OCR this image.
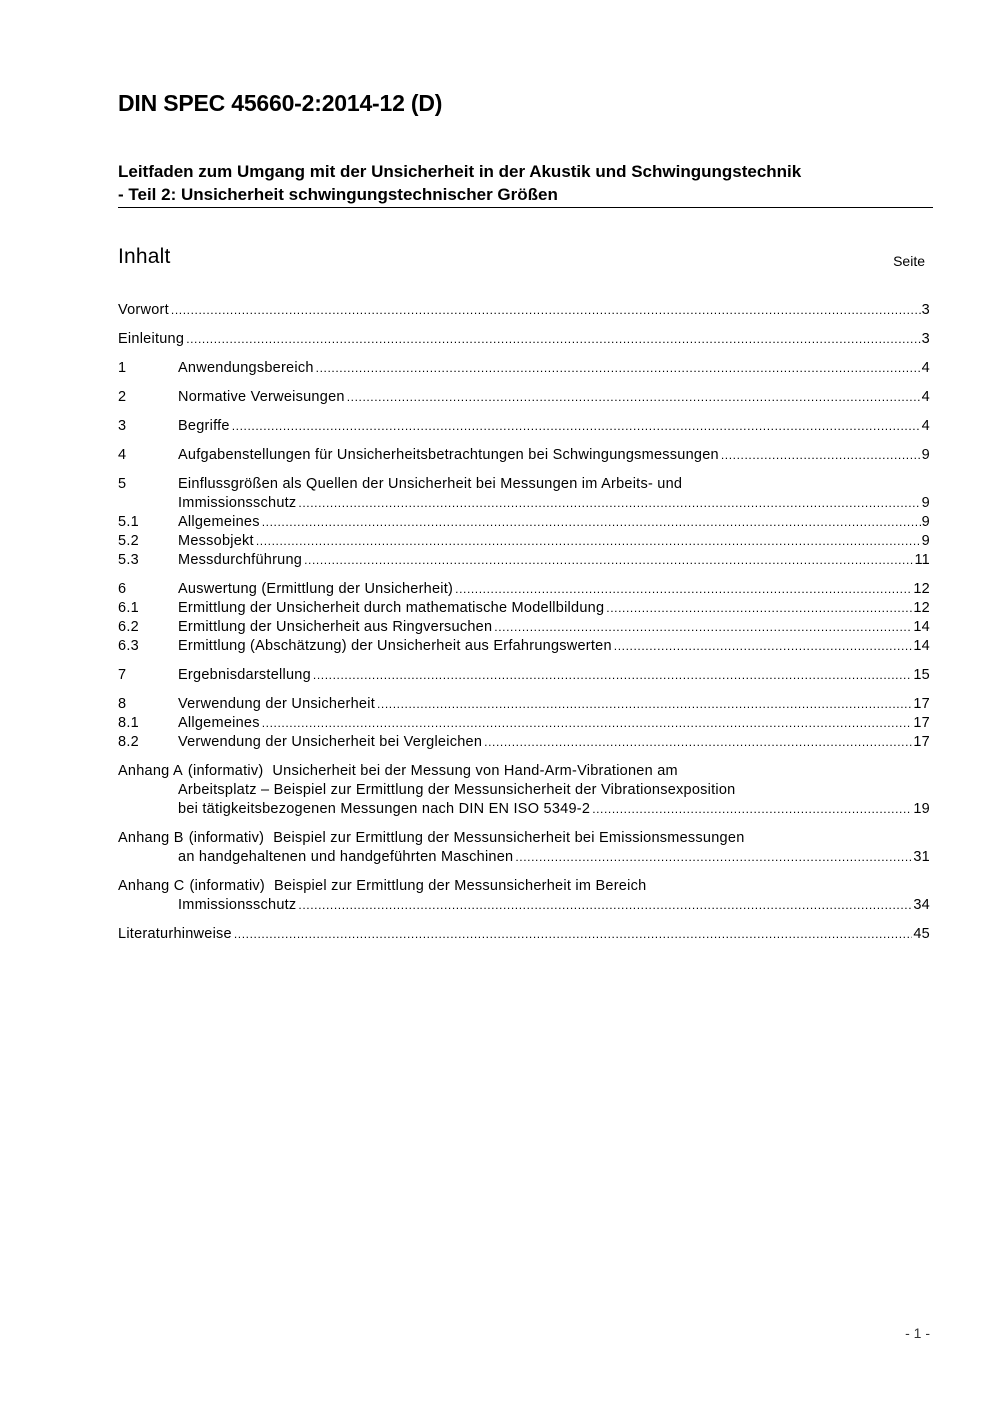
DIN SPEC 45660-2:2014-12 (D)
Leitfaden zum Umgang mit der Unsicherheit in der Akustik und Schwingungstechnik
- Teil 2: Unsicherheit schwingungstechnischer Größen
Inhalt	Seite
Vorwort .....	3
Einleitung .....	3
1	Anwendungsbereich .....	4
2	Normative Verweisungen .....	4
3	Begriffe .....	4
4	Aufgabenstellungen für Unsicherheitsbetrachtungen bei Schwingungsmessungen .....	9
5	Einflussgrößen als Quellen der Unsicherheit bei Messungen im Arbeits- und
Immissionsschutz .....	9
5.1	Allgemeines .....	9
5.2	Messobjekt .....	9
5.3	Messdurchführung .....	11
6	Auswertung (Ermittlung der Unsicherheit) .....	12
6.1	Ermittlung der Unsicherheit durch mathematische Modellbildung .....	12
6.2	Ermittlung der Unsicherheit aus Ringversuchen .....	14
6.3	Ermittlung (Abschätzung) der Unsicherheit aus Erfahrungswerten .....	14
7	Ergebnisdarstellung .....	15
8	Verwendung der Unsicherheit .....	17
8.1	Allgemeines .....	17
8.2	Verwendung der Unsicherheit bei Vergleichen .....	17
Anhang A (informativ) Unsicherheit bei der Messung von Hand-Arm-Vibrationen am
Arbeitsplatz – Beispiel zur Ermittlung der Messunsicherheit der Vibrationsexposition
bei tätigkeitsbezogenen Messungen nach DIN EN ISO 5349-2 .....	19
Anhang B (informativ) Beispiel zur Ermittlung der Messunsicherheit bei Emissionsmessungen
an handgehaltenen und handgeführten Maschinen .....	31
Anhang C (informativ) Beispiel zur Ermittlung der Messunsicherheit im Bereich
Immissionsschutz .....	34
Literaturhinweise .....	45
- 1 -
